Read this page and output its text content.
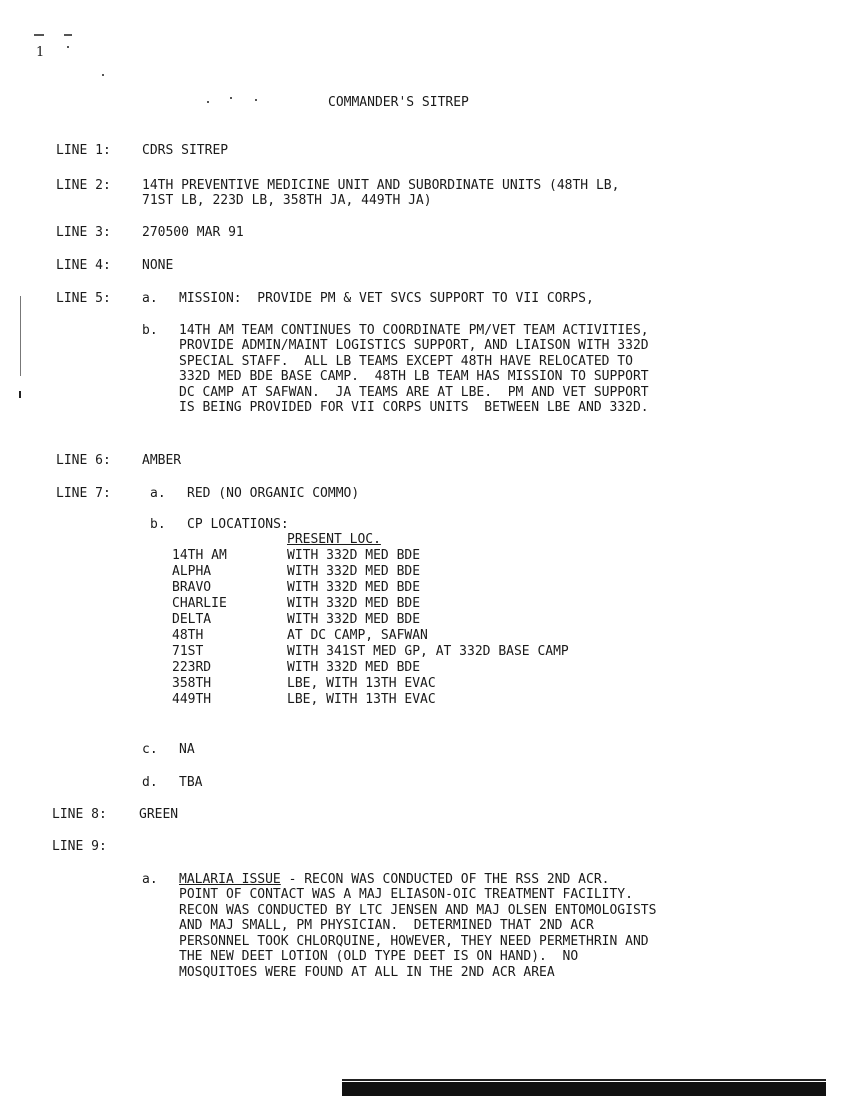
1
COMMANDER'S SITREP
LINE 1: CDRS SITREP
LINE 2: 14TH PREVENTIVE MEDICINE UNIT AND SUBORDINATE UNITS (48TH LB,
71ST LB, 223D LB, 358TH JA, 449TH JA)
LINE 3: 270500 MAR 91
LINE 4: NONE
LINE 5: a. MISSION:  PROVIDE PM & VET SVCS SUPPORT TO VII CORPS,
b. 14TH AM TEAM CONTINUES TO COORDINATE PM/VET TEAM ACTIVITIES,
PROVIDE ADMIN/MAINT LOGISTICS SUPPORT, AND LIAISON WITH 332D
SPECIAL STAFF.  ALL LB TEAMS EXCEPT 48TH HAVE RELOCATED TO
332D MED BDE BASE CAMP.  48TH LB TEAM HAS MISSION TO SUPPORT
DC CAMP AT SAFWAN.  JA TEAMS ARE AT LBE.  PM AND VET SUPPORT
IS BEING PROVIDED FOR VII CORPS UNITS  BETWEEN LBE AND 332D.
LINE 6: AMBER
LINE 7:	a. RED (NO ORGANIC COMMO)
b. CP LOCATIONS:
PRESENT LOC.
14TH AM	WITH 332D MED BDE
ALPHA	WITH 332D MED BDE
BRAVO	WITH 332D MED BDE
CHARLIE	WITH 332D MED BDE
DELTA	WITH 332D MED BDE
48TH	AT DC CAMP, SAFWAN
71ST	WITH 341ST MED GP, AT 332D BASE CAMP
223RD	WITH 332D MED BDE
358TH	LBE, WITH 13TH EVAC
449TH	LBE, WITH 13TH EVAC
c. NA
d. TBA
LINE 8: GREEN
LINE 9:
a. MALARIA ISSUE - RECON WAS CONDUCTED OF THE RSS 2ND ACR.
POINT OF CONTACT WAS A MAJ ELIASON-OIC TREATMENT FACILITY.
RECON WAS CONDUCTED BY LTC JENSEN AND MAJ OLSEN ENTOMOLOGISTS
AND MAJ SMALL, PM PHYSICIAN.  DETERMINED THAT 2ND ACR
PERSONNEL TOOK CHLORQUINE, HOWEVER, THEY NEED PERMETHRIN AND
THE NEW DEET LOTION (OLD TYPE DEET IS ON HAND).  NO
MOSQUITOES WERE FOUND AT ALL IN THE 2ND ACR AREA
